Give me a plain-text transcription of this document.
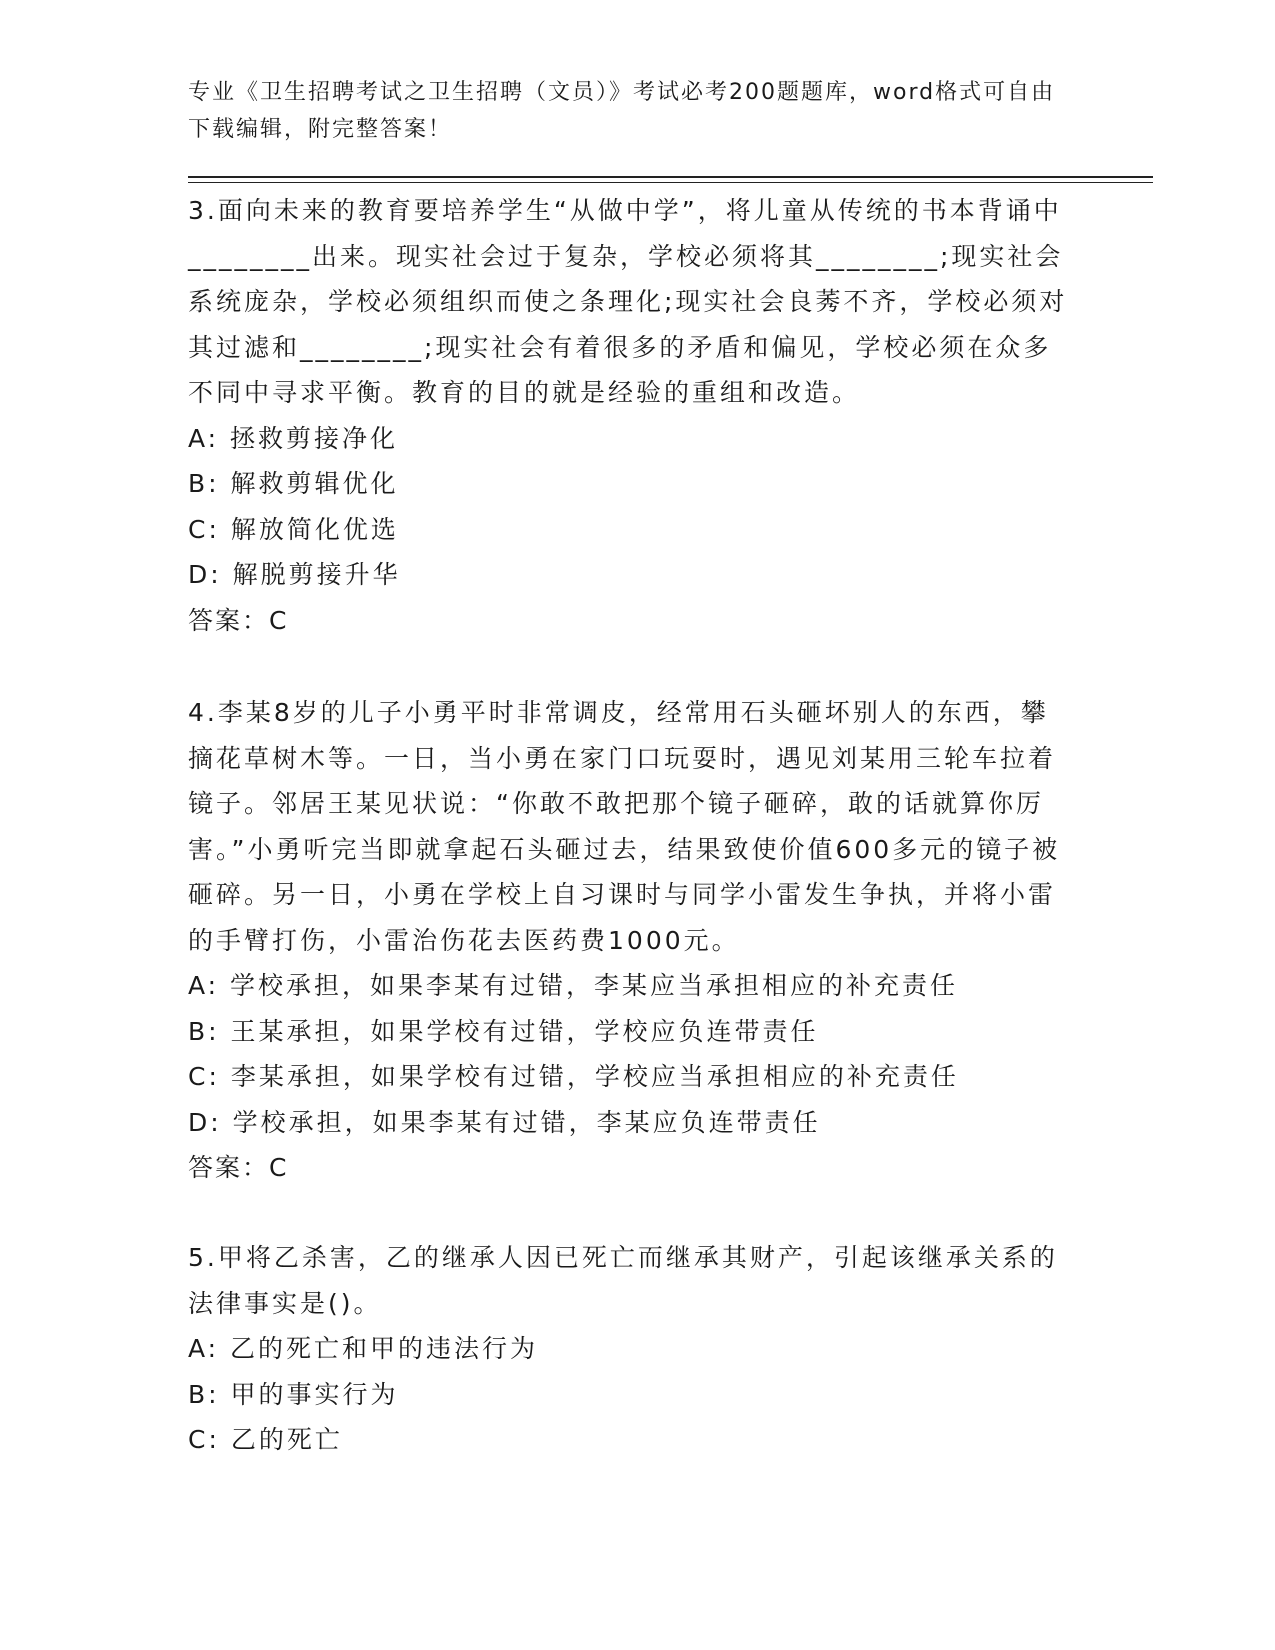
专业《卫生招聘考试之卫生招聘（文员）》考试必考200题题库，word格式可自由下载编辑，附完整答案！

3.面向未来的教育要培养学生“从做中学”，将儿童从传统的书本背诵中________出来。现实社会过于复杂，学校必须将其________;现实社会系统庞杂，学校必须组织而使之条理化;现实社会良莠不齐，学校必须对其过滤和________;现实社会有着很多的矛盾和偏见，学校必须在众多不同中寻求平衡。教育的目的就是经验的重组和改造。

A: 拯救剪接净化
B: 解救剪辑优化
C: 解放简化优选
D: 解脱剪接升华
答案：C

4.李某8岁的儿子小勇平时非常调皮，经常用石头砸坏别人的东西，攀摘花草树木等。一日，当小勇在家门口玩耍时，遇见刘某用三轮车拉着镜子。邻居王某见状说：“你敢不敢把那个镜子砸碎，敢的话就算你厉害。”小勇听完当即就拿起石头砸过去，结果致使价值600多元的镜子被砸碎。另一日，小勇在学校上自习课时与同学小雷发生争执，并将小雷的手臂打伤，小雷治伤花去医药费1000元。

A: 学校承担，如果李某有过错，李某应当承担相应的补充责任
B: 王某承担，如果学校有过错，学校应负连带责任
C: 李某承担，如果学校有过错，学校应当承担相应的补充责任
D: 学校承担，如果李某有过错，李某应负连带责任
答案：C

5.甲将乙杀害，乙的继承人因已死亡而继承其财产，引起该继承关系的法律事实是()。

A: 乙的死亡和甲的违法行为
B: 甲的事实行为
C: 乙的死亡
